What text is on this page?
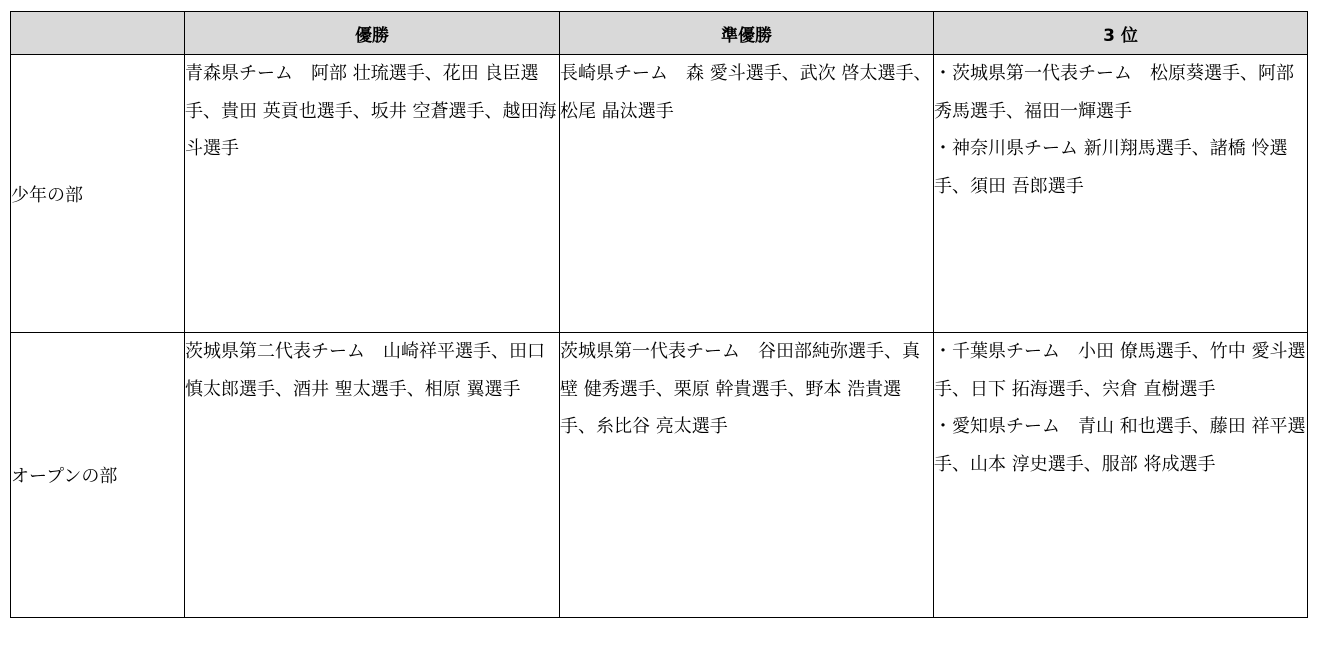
	優勝	準優勝	3 位
少年の部	青森県チーム　阿部 壮琉選手、花田 良臣選手、貴田 英貢也選手、坂井 空蒼選手、越田海斗選手	長崎県チーム　森 愛斗選手、武次 啓太選手、松尾 晶汰選手	・茨城県第一代表チーム　松原葵選手、阿部 秀馬選手、福田一輝選手
・神奈川県チーム 新川翔馬選手、諸橋 怜選手、須田 吾郎選手

オープンの部	茨城県第二代表チーム　山崎祥平選手、田口 慎太郎選手、酒井 聖太選手、相原 翼選手	茨城県第一代表チーム　谷田部純弥選手、真壁 健秀選手、栗原 幹貴選手、野本 浩貴選手、糸比谷 亮太選手	・千葉県チーム　小田 僚馬選手、竹中 愛斗選手、日下 拓海選手、宍倉 直樹選手
・愛知県チーム　青山 和也選手、藤田 祥平選手、山本 淳史選手、服部 将成選手
